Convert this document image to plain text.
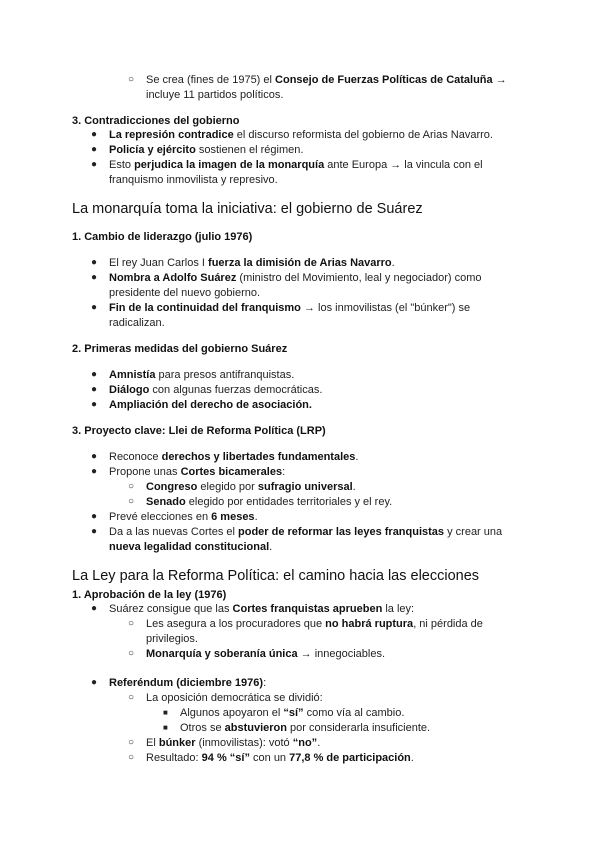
○ Se crea (fines de 1975) el Consejo de Fuerzas Políticas de Cataluña →
incluye 11 partidos políticos.
3. Contradicciones del gobierno
● La represión contradice el discurso reformista del gobierno de Arias Navarro.
● Policía y ejército sostienen el régimen.
● Esto perjudica la imagen de la monarquía ante Europa → la vincula con el
franquismo inmovilista y represivo.
La monarquía toma la iniciativa: el gobierno de Suárez
1. Cambio de liderazgo (julio 1976)
● El rey Juan Carlos I fuerza la dimisión de Arias Navarro.
● Nombra a Adolfo Suárez (ministro del Movimiento, leal y negociador) como
presidente del nuevo gobierno.
● Fin de la continuidad del franquismo → los inmovilistas (el "búnker") se
radicalizan.
2. Primeras medidas del gobierno Suárez
● Amnistía para presos antifranquistas.
● Diálogo con algunas fuerzas democráticas.
● Ampliación del derecho de asociación.
3. Proyecto clave: Llei de Reforma Política (LRP)
● Reconoce derechos y libertades fundamentales.
● Propone unas Cortes bicamerales:
○ Congreso elegido por sufragio universal.
○ Senado elegido por entidades territoriales y el rey.
● Prevé elecciones en 6 meses.
● Da a las nuevas Cortes el poder de reformar las leyes franquistas y crear una
nueva legalidad constitucional.
La Ley para la Reforma Política: el camino hacia las elecciones
1. Aprobación de la ley (1976)
● Suárez consigue que las Cortes franquistas aprueben la ley:
○ Les asegura a los procuradores que no habrá ruptura, ni pérdida de
privilegios.
○ Monarquía y soberanía única → innegociables.
● Referéndum (diciembre 1976):
○ La oposición democrática se dividió:
■ Algunos apoyaron el “sí” como vía al cambio.
■ Otros se abstuvieron por considerarla insuficiente.
○ El búnker (inmovilistas): votó “no”.
○ Resultado: 94 % “sí” con un 77,8 % de participación.
